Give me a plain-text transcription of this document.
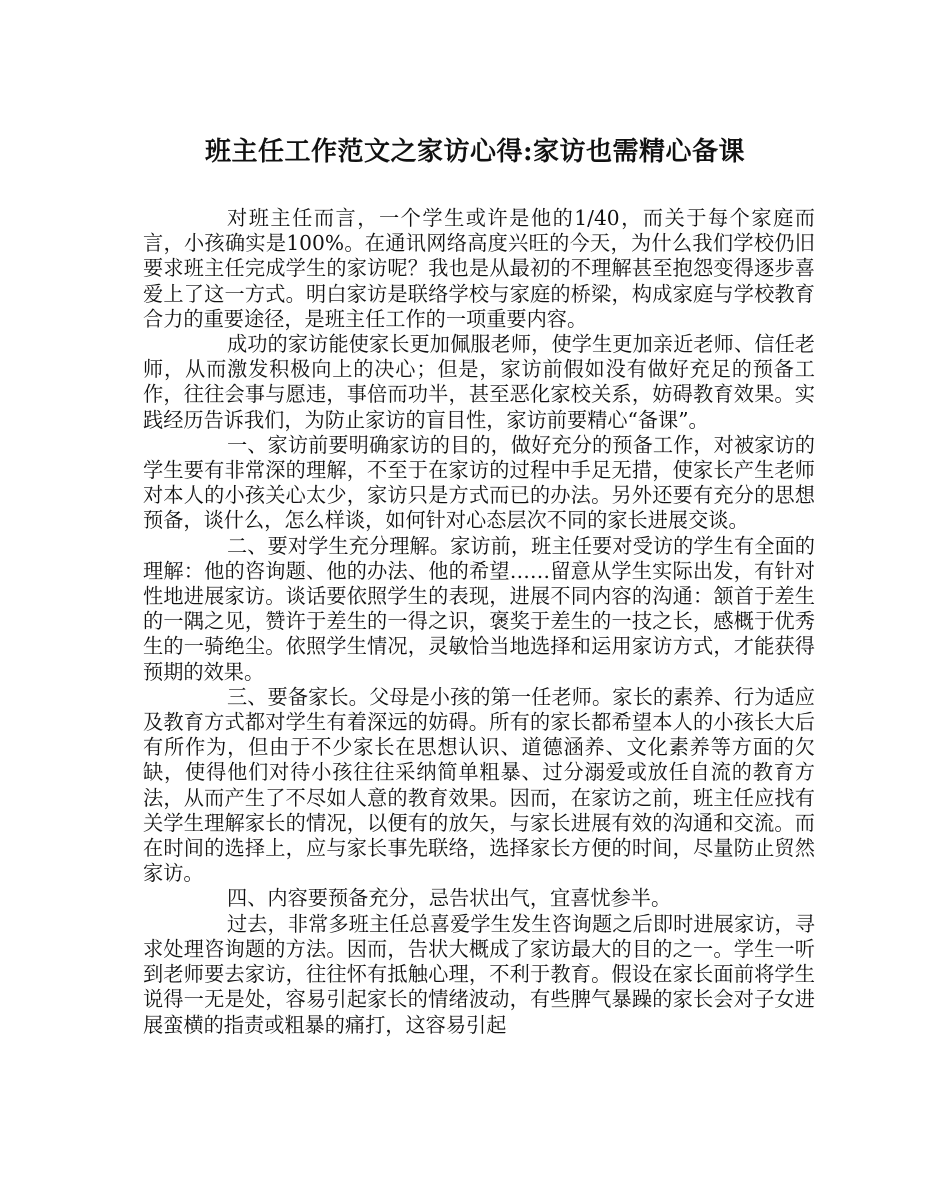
班主任工作范文之家访心得:家访也需精心备课

对班主任而言，一个学生或许是他的1/40，而关于每个家庭而言，小孩确实是100%。在通讯网络高度兴旺的今天，为什么我们学校仍旧要求班主任完成学生的家访呢？我也是从最初的不理解甚至抱怨变得逐步喜爱上了这一方式。明白家访是联络学校与家庭的桥梁，构成家庭与学校教育合力的重要途径，是班主任工作的一项重要内容。

成功的家访能使家长更加佩服老师，使学生更加亲近老师、信任老师，从而激发积极向上的决心；但是，家访前假如没有做好充足的预备工作，往往会事与愿违，事倍而功半，甚至恶化家校关系，妨碍教育效果。实践经历告诉我们，为防止家访的盲目性，家访前要精心“备课”。

一、家访前要明确家访的目的，做好充分的预备工作，对被家访的学生要有非常深的理解，不至于在家访的过程中手足无措，使家长产生老师对本人的小孩关心太少，家访只是方式而已的办法。另外还要有充分的思想预备，谈什么，怎么样谈，如何针对心态层次不同的家长进展交谈。

二、要对学生充分理解。家访前，班主任要对受访的学生有全面的理解：他的咨询题、他的办法、他的希望……留意从学生实际出发，有针对性地进展家访。谈话要依照学生的表现，进展不同内容的沟通：颔首于差生的一隅之见，赞许于差生的一得之识，褒奖于差生的一技之长，感概于优秀生的一骑绝尘。依照学生情况，灵敏恰当地选择和运用家访方式，才能获得预期的效果。

三、要备家长。父母是小孩的第一任老师。家长的素养、行为适应及教育方式都对学生有着深远的妨碍。所有的家长都希望本人的小孩长大后有所作为，但由于不少家长在思想认识、道德涵养、文化素养等方面的欠缺，使得他们对待小孩往往采纳简单粗暴、过分溺爱或放任自流的教育方法，从而产生了不尽如人意的教育效果。因而，在家访之前，班主任应找有关学生理解家长的情况，以便有的放矢，与家长进展有效的沟通和交流。而在时间的选择上，应与家长事先联络，选择家长方便的时间，尽量防止贸然家访。

四、内容要预备充分，忌告状出气，宜喜忧参半。

过去，非常多班主任总喜爱学生发生咨询题之后即时进展家访，寻求处理咨询题的方法。因而，告状大概成了家访最大的目的之一。学生一听到老师要去家访，往往怀有抵触心理，不利于教育。假设在家长面前将学生说得一无是处，容易引起家长的情绪波动，有些脾气暴躁的家长会对子女进展蛮横的指责或粗暴的痛打，这容易引起
